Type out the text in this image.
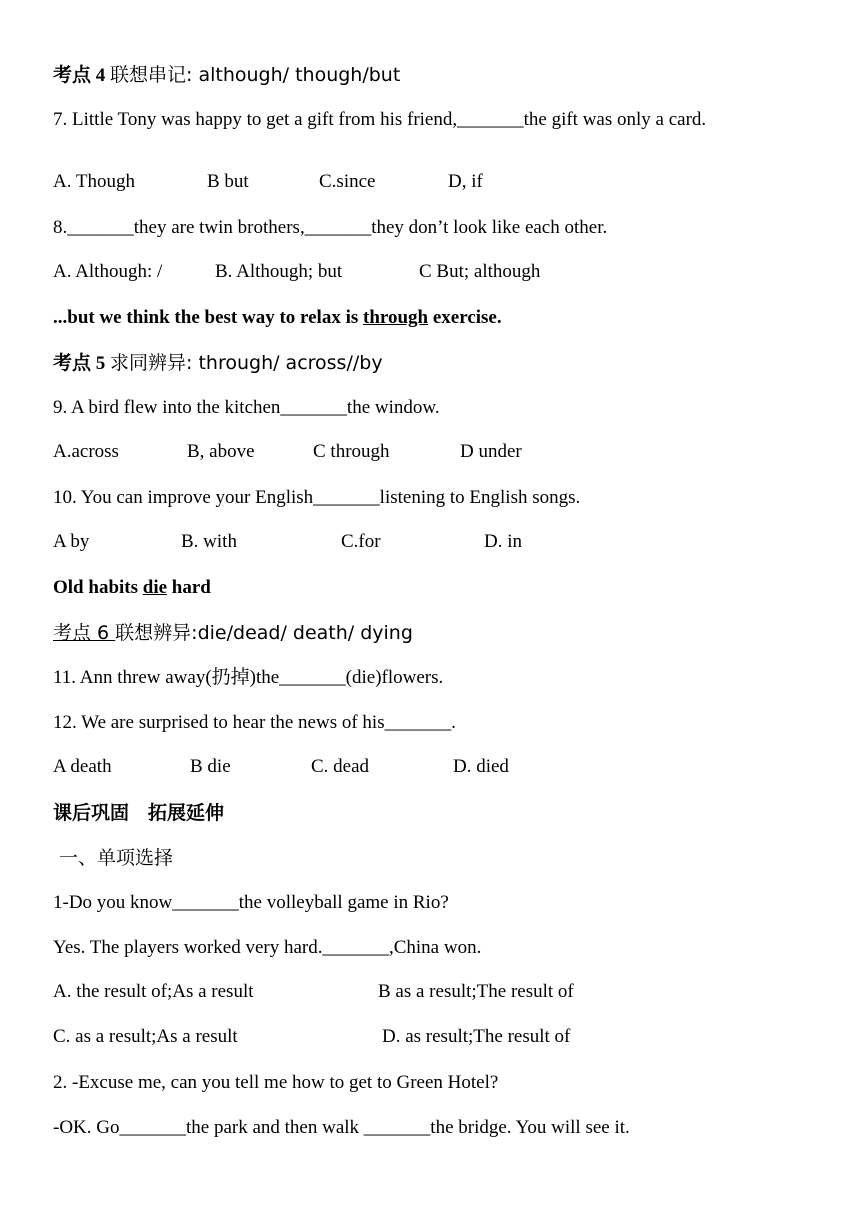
考点 4 联想串记: although/ though/but
7. Little Tony was happy to get a gift from his friend,_______the gift was only a card.
A. Though	B but	C.since	D, if
8._______they are twin brothers,_______they don’t look like each other.
A. Although: /	B. Although; but	C But; although
...but we think the best way to relax is through exercise.
考点 5 求同辨异: through/ across//by
9. A bird flew into the kitchen_______the window.
A.across	B, above	C through	D under
10. You can improve your English_______listening to English songs.
A by	B. with	C.for	D. in
Old habits die hard
考点 6 联想辨异:die/dead/ death/ dying
11. Ann threw away(扔掉)the_______(die)flowers.
12. We are surprised to hear the news of his_______.
A death	B die	C. dead	D. died
课后巩固　拓展延伸
一、单项选择
1-Do you know_______the volleyball game in Rio?
Yes. The players worked very hard._______,China won.
A. the result of;As a result	B as a result;The result of
C. as a result;As a result	D. as result;The result of
2. -Excuse me, can you tell me how to get to Green Hotel?
-OK. Go_______the park and then walk _______the bridge. You will see it.
